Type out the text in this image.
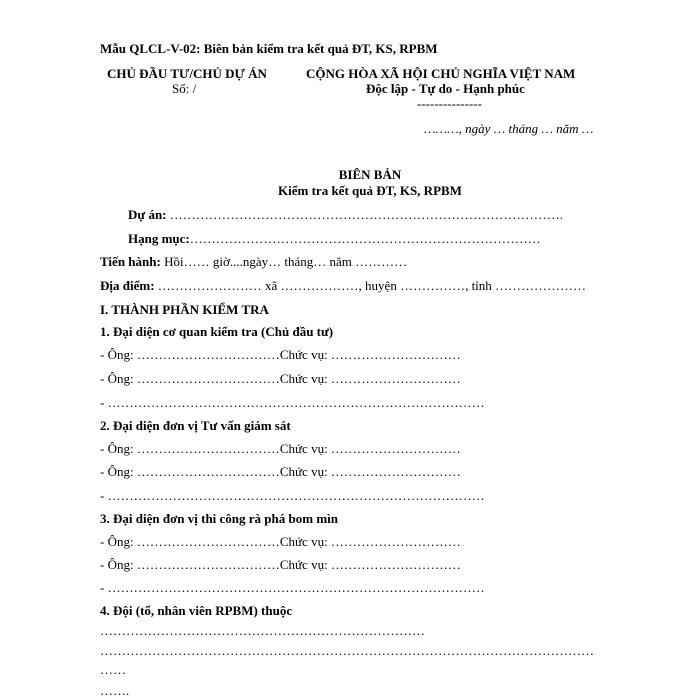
Mẫu QLCL-V-02: Biên bản kiểm tra kết quả ĐT, KS, RPBM
CHỦ ĐẦU TƯ/CHỦ DỰ ÁN
Số: /
CỘNG HÒA XÃ HỘI CHỦ NGHĨA VIỆT NAM
Độc lập - Tự do - Hạnh phúc
---------------
………, ngày … tháng … năm …
BIÊN BẢN
Kiểm tra kết quả ĐT, KS, RPBM
Dự án: ……………………………………………………………………………….
Hạng mục:………………………………………………………………………
Tiến hành: Hồi…… giờ....ngày… tháng… năm …………
Địa điểm: …………………… xã ………………, huyện ……………, tỉnh …………………
I. THÀNH PHẦN KIỂM TRA
1. Đại diện cơ quan kiểm tra (Chủ đầu tư)
- Ông: ……………………………Chức vụ: …………………………
- Ông: ……………………………Chức vụ: …………………………
- ……………………………………………………………………………
2. Đại diện đơn vị Tư vấn giám sát
- Ông: ……………………………Chức vụ: …………………………
- Ông: ……………………………Chức vụ: …………………………
- ……………………………………………………………………………
3. Đại diện đơn vị thi công rà phá bom mìn
- Ông: ……………………………Chức vụ: …………………………
- Ông: ……………………………Chức vụ: …………………………
- ……………………………………………………………………………
4. Đội (tổ, nhân viên RPBM) thuộc
…………………………………………………………………
……………………………………………………………………………………………………
……
…….
